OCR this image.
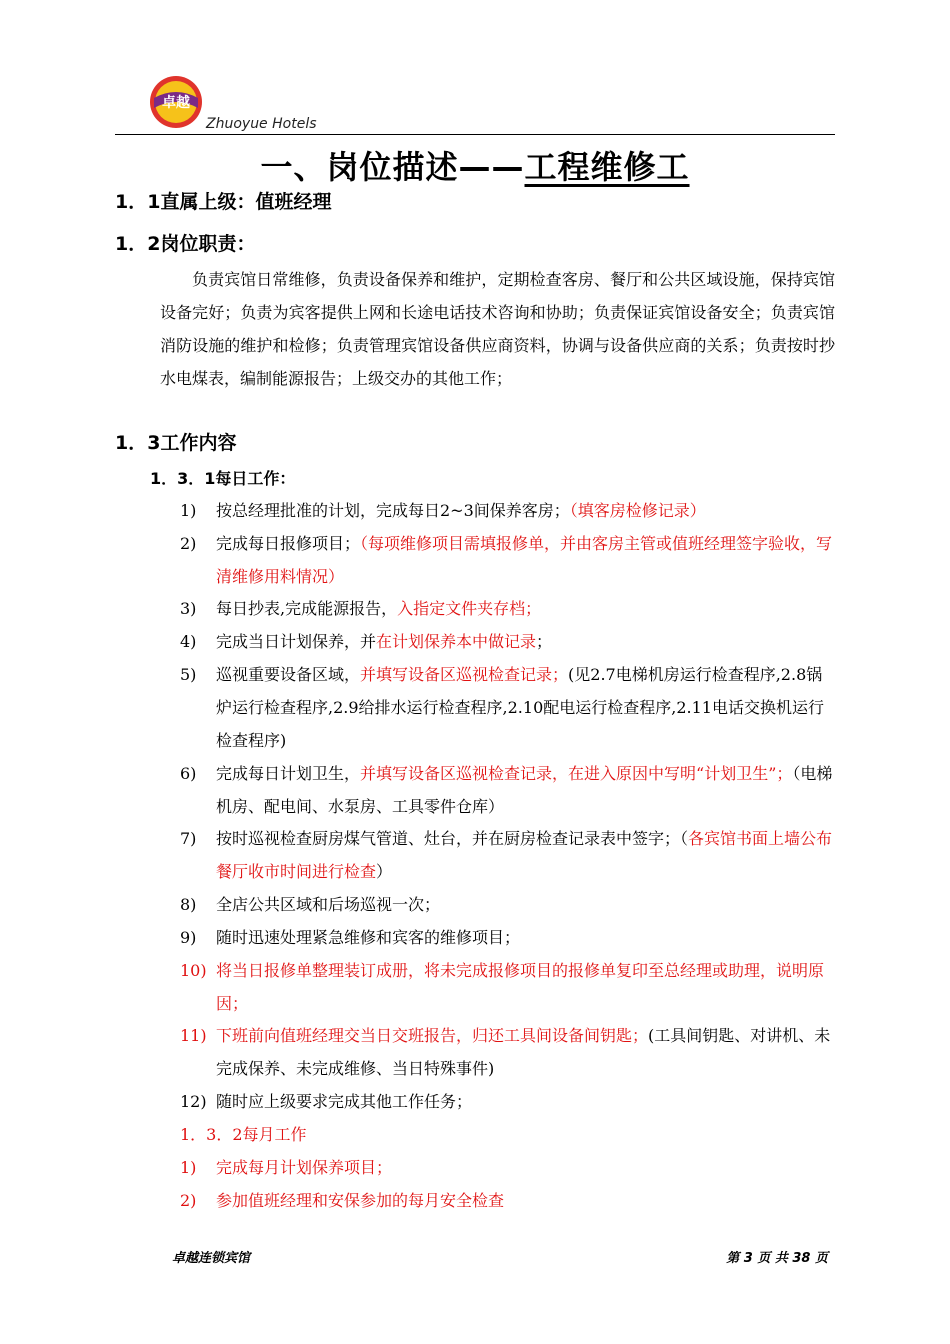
卓越
Zhuoyue Hotels
一、岗位描述——工程维修工
1．1直属上级：值班经理
1．2岗位职责：
负责宾馆日常维修，负责设备保养和维护，定期检查客房、餐厅和公共区域设施，保持宾馆设备完好；负责为宾客提供上网和长途电话技术咨询和协助；负责保证宾馆设备安全；负责宾馆消防设施的维护和检修；负责管理宾馆设备供应商资料，协调与设备供应商的关系；负责按时抄水电煤表，编制能源报告；上级交办的其他工作；
1．3工作内容
1．3．1每日工作：
1)	按总经理批准的计划，完成每日2~3间保养客房；（填客房检修记录）
2)	完成每日报修项目；（每项维修项目需填报修单，并由客房主管或值班经理签字验收，写清维修用料情况）
3)	每日抄表,完成能源报告，入指定文件夹存档；
4)	完成当日计划保养，并在计划保养本中做记录；
5)	巡视重要设备区域，并填写设备区巡视检查记录；(见2.7电梯机房运行检查程序,2.8锅炉运行检查程序,2.9给排水运行检查程序,2.10配电运行检查程序,2.11电话交换机运行检查程序)
6)	完成每日计划卫生，并填写设备区巡视检查记录，在进入原因中写明“计划卫生”；（电梯机房、配电间、水泵房、工具零件仓库）
7)	按时巡视检查厨房煤气管道、灶台，并在厨房检查记录表中签字；（各宾馆书面上墙公布餐厅收市时间进行检查）
8)	全店公共区域和后场巡视一次；
9)	随时迅速处理紧急维修和宾客的维修项目；
10) 将当日报修单整理装订成册，将未完成报修项目的报修单复印至总经理或助理，说明原因；
11) 下班前向值班经理交当日交班报告，归还工具间设备间钥匙；(工具间钥匙、对讲机、未完成保养、未完成维修、当日特殊事件)
12) 随时应上级要求完成其他工作任务；
1．3．2每月工作
1)	完成每月计划保养项目；
2)	参加值班经理和安保参加的每月安全检查
卓越连锁宾馆	第 3 页 共 38 页
